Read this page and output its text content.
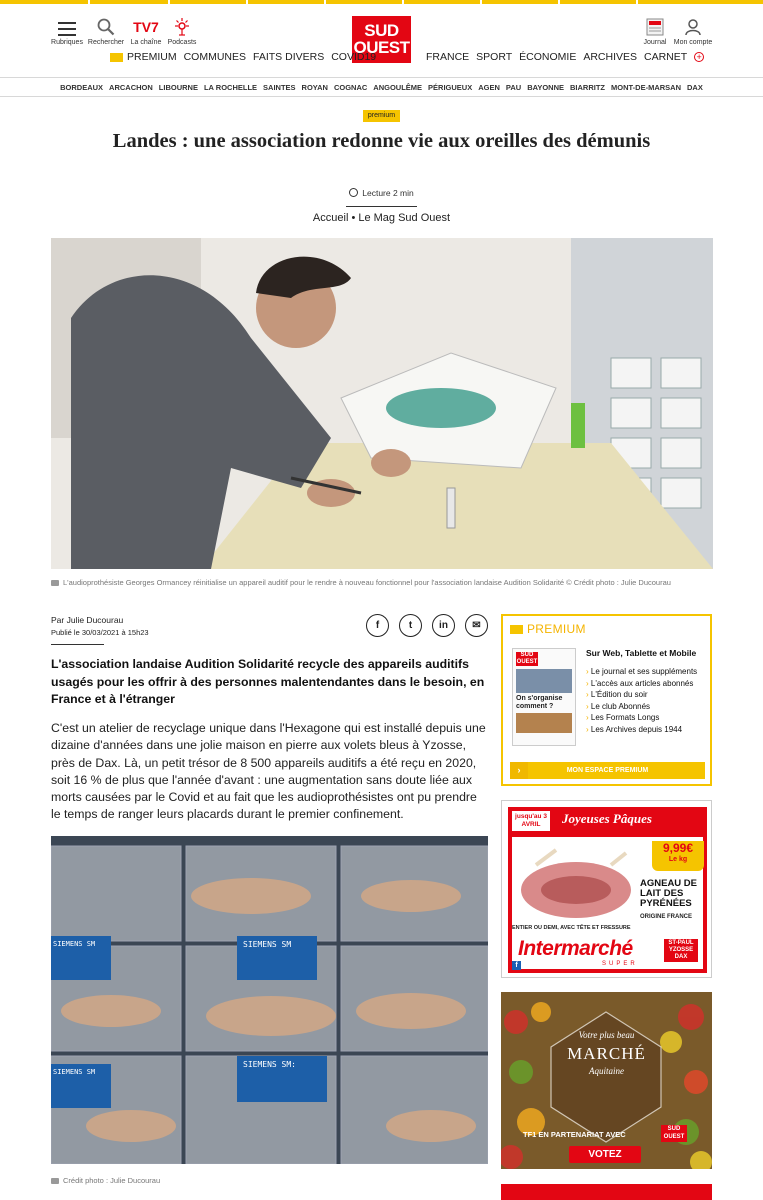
Rubriques Rechercher
TV7
La chaîne Podcasts
SUD
OUEST	Journal	Mon compte
PREMIUM COMMUNES FAITS DIVERS COVID19	FRANCE SPORT ÉCONOMIE ARCHIVES CARNET +
BORDEAUX ARCACHON LIBOURNE LA ROCHELLE SAINTES ROYAN COGNAC ANGOULÊME PÉRIGUEUX AGEN PAU BAYONNE BIARRITZ MONT-DE-MARSAN DAX
premium
Landes : une association redonne vie aux oreilles des démunis
Lecture 2 min
Accueil • Le Mag Sud Ouest
L'audioprothésiste Georges Ormancey réinitialise un appareil auditif pour le rendre à nouveau fonctionnel pour l'association landaise Audition Solidarité © Crédit photo : Julie Ducourau
Par Julie Ducourau
Publié le 30/03/2021 à 15h23
f	t	in ✉

L'association landaise Audition Solidarité recycle des appareils auditifs usagés pour les offrir à des personnes malentendantes dans le besoin, en France et à l'étranger

C'est un atelier de recyclage unique dans l'Hexagone qui est installé depuis une dizaine d'années dans une jolie maison en pierre aux volets bleus à Yzosse, près de Dax. Là, un petit trésor de 8 500 appareils auditifs a été reçu en 2020, soit 16 % de plus que l'année d'avant : une augmentation sans doute liée aux morts causées par le Covid et au fait que les audioprothésistes ont pu prendre le temps de ranger leurs placards durant le premier confinement.

SIEMENS SM
SIEMENS SM
SIEMENS SM:
SIEMENS SM
Crédit photo : Julie Ducourau
PREMIUM
SUD OUEST
On s'organise comment ?
Sur Web, Tablette et Mobile
› Le journal et ses suppléments
› L'accès aux articles abonnés
› L'Édition du soir
› Le club Abonnés
› Les Formats Longs
› Les Archives depuis 1944
›	MON ESPACE PREMIUM
jusqu'au 3 AVRIL	Joyeuses Pâques
9,99€
Le kg
AGNEAU DE LAIT DES PYRÉNÉES
ORIGINE FRANCE
ENTIER OU DEMI, AVEC TÊTE ET FRESSURE
Intermarché
SUPER
ST-PAUL YZOSSE DAX
f
Votre plus beau
MARCHÉ
Aquitaine
TF1 EN PARTENARIAT AVEC
SUD OUEST
VOTEZ
